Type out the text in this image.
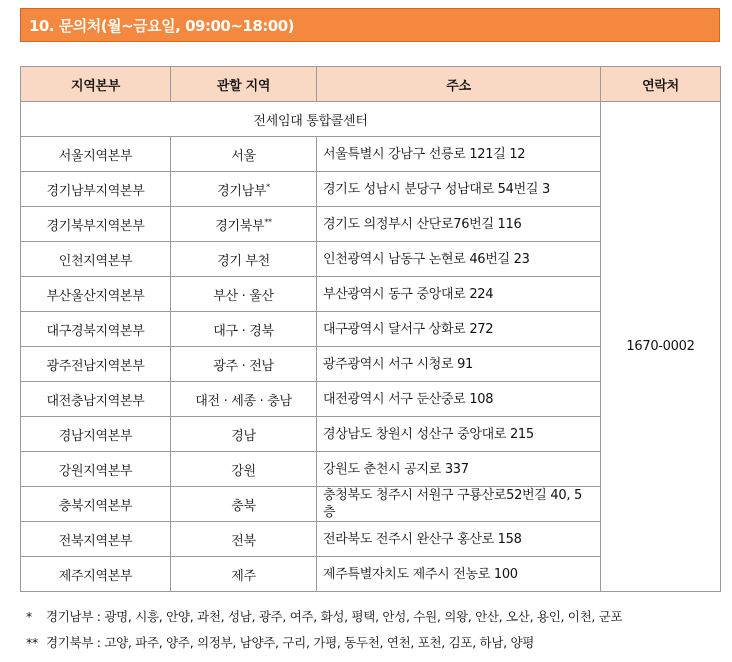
10. 문의처(월~금요일, 09:00~18:00)
지역본부	관할 지역	주소	연락처
전세임대 통합콜센터			1670-0002
서울지역본부	서울	서울특별시 강남구 선릉로 121길 12	
경기남부지역본부	경기남부*	경기도 성남시 분당구 성남대로 54번길 3	
경기북부지역본부	경기북부**	경기도 의정부시 산단로76번길 116	
인천지역본부	경기 부천	인천광역시 남동구 논현로 46번길 23	
부산울산지역본부	부산 · 울산	부산광역시 동구 중앙대로 224	
대구경북지역본부	대구 · 경북	대구광역시 달서구 상화로 272	
광주전남지역본부	광주 · 전남	광주광역시 서구 시청로 91	
대전충남지역본부	대전 · 세종 · 충남	대전광역시 서구 둔산중로 108	
경남지역본부	경남	경상남도 창원시 성산구 중앙대로 215	
강원지역본부	강원	강원도 춘천시 공지로 337	
충북지역본부	충북	충청북도 청주시 서원구 구룡산로52번길 40, 5층	
전북지역본부	전북	전라북도 전주시 완산구 홍산로 158	
제주지역본부	제주	제주특별자치도 제주시 전농로 100	
* 경기남부 : 광명, 시흥, 안양, 과천, 성남, 광주, 여주, 화성, 평택, 안성, 수원, 의왕, 안산, 오산, 용인, 이천, 군포
** 경기북부 : 고양, 파주, 양주, 의정부, 남양주, 구리, 가평, 동두천, 연천, 포천, 김포, 하남, 양평
